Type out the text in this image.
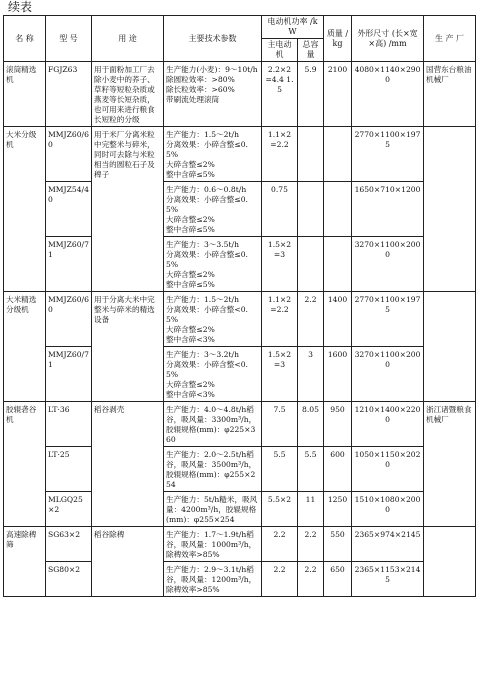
续表
名 称	型 号	用 途	主要技术参数	电动机功率 /kW		质量 /kg	外形尺寸 (长×宽×高) /mm	生 产 厂
				主电动机	总容量			
滚筒精选机	FGJZ63	用于面粉加工厂去除小麦中的荞子、草籽等短粒杂质或燕麦等长短杂质，也可用来进行粮食长短粒的分级	生产能力(小麦)：9～10t/h
除圆粒效率：>80%
除长粒效率：>60%
带刷流处理滚筒	2.2×2 =4.4 1.5	5.9	2100	4080×1140×2900	国营东台粮油机械厂
大米分级机	MMJZ60/60	用于米厂分离米粒中完整米与碎米，同时可去除与米粒相当的圆粒石子及稗子	生产能力：1.5～2t/h
分离效果：小碎含整≤0.5%
大碎含整≤2%
整中含碎≤5%	1.1×2 =2.2			2770×1100×1975	
	MMJZ54/40		生产能力：0.6～0.8t/h
分离效果：小碎含整≤0.5%
大碎含整≤2%
整中含碎≤5%	0.75			1650×710×1200	
	MMJZ60/71		生产能力：3～3.5t/h
分离效果：小碎含整≤0.5%
大碎含整≤2%
整中含碎≤5%	1.5×2 =3			3270×1100×2000	
大米精选分级机	MMJZ60/60	用于分离大米中完整米与碎米的精选设备	生产能力：1.5～2t/h
分离效果：小碎含整<0.5%
大碎含整≤2%
整中含碎<3%	1.1×2 =2.2	2.2	1400	2770×1100×1975	
	MMJZ60/71		生产能力：3～3.2t/h
分离效果：小碎含整<0.5%
大碎含整≤2%
整中含碎<3%	1.5×2 =3	3	1600	3270×1100×2000	
胶辊砻谷机	LT·36	稻谷剥壳	生产能力：4.0～4.8t/h稻谷，吸风量：3300m³/h，胶辊规格(mm)：φ225×360	7.5	8.05	950	1210×1400×2200	浙江诸暨粮食机械厂
	LT·25		生产能力：2.0～2.5t/h稻谷，吸风量：3500m³/h，胶辊规格(mm)：φ255×254	5.5	5.5	600	1050×1150×2020	
	MLGQ25×2		生产能力：5t/h糙米，吸风量：4200m³/h，胶辊规格(mm)：φ255×254	5.5×2	11	1250	1510×1080×2000	
高速除稗筛	SG63×2	稻谷除稗	生产能力：1.7～1.9t/h稻谷，吸风量：1000m³/h，除稗效率>85%	2.2	2.2	550	2365×974×2145	
	SG80×2		生产能力：2.9～3.1t/h稻谷，吸风量：1200m³/h，除稗效率>85%	2.2	2.2	650	2365×1153×2145	
